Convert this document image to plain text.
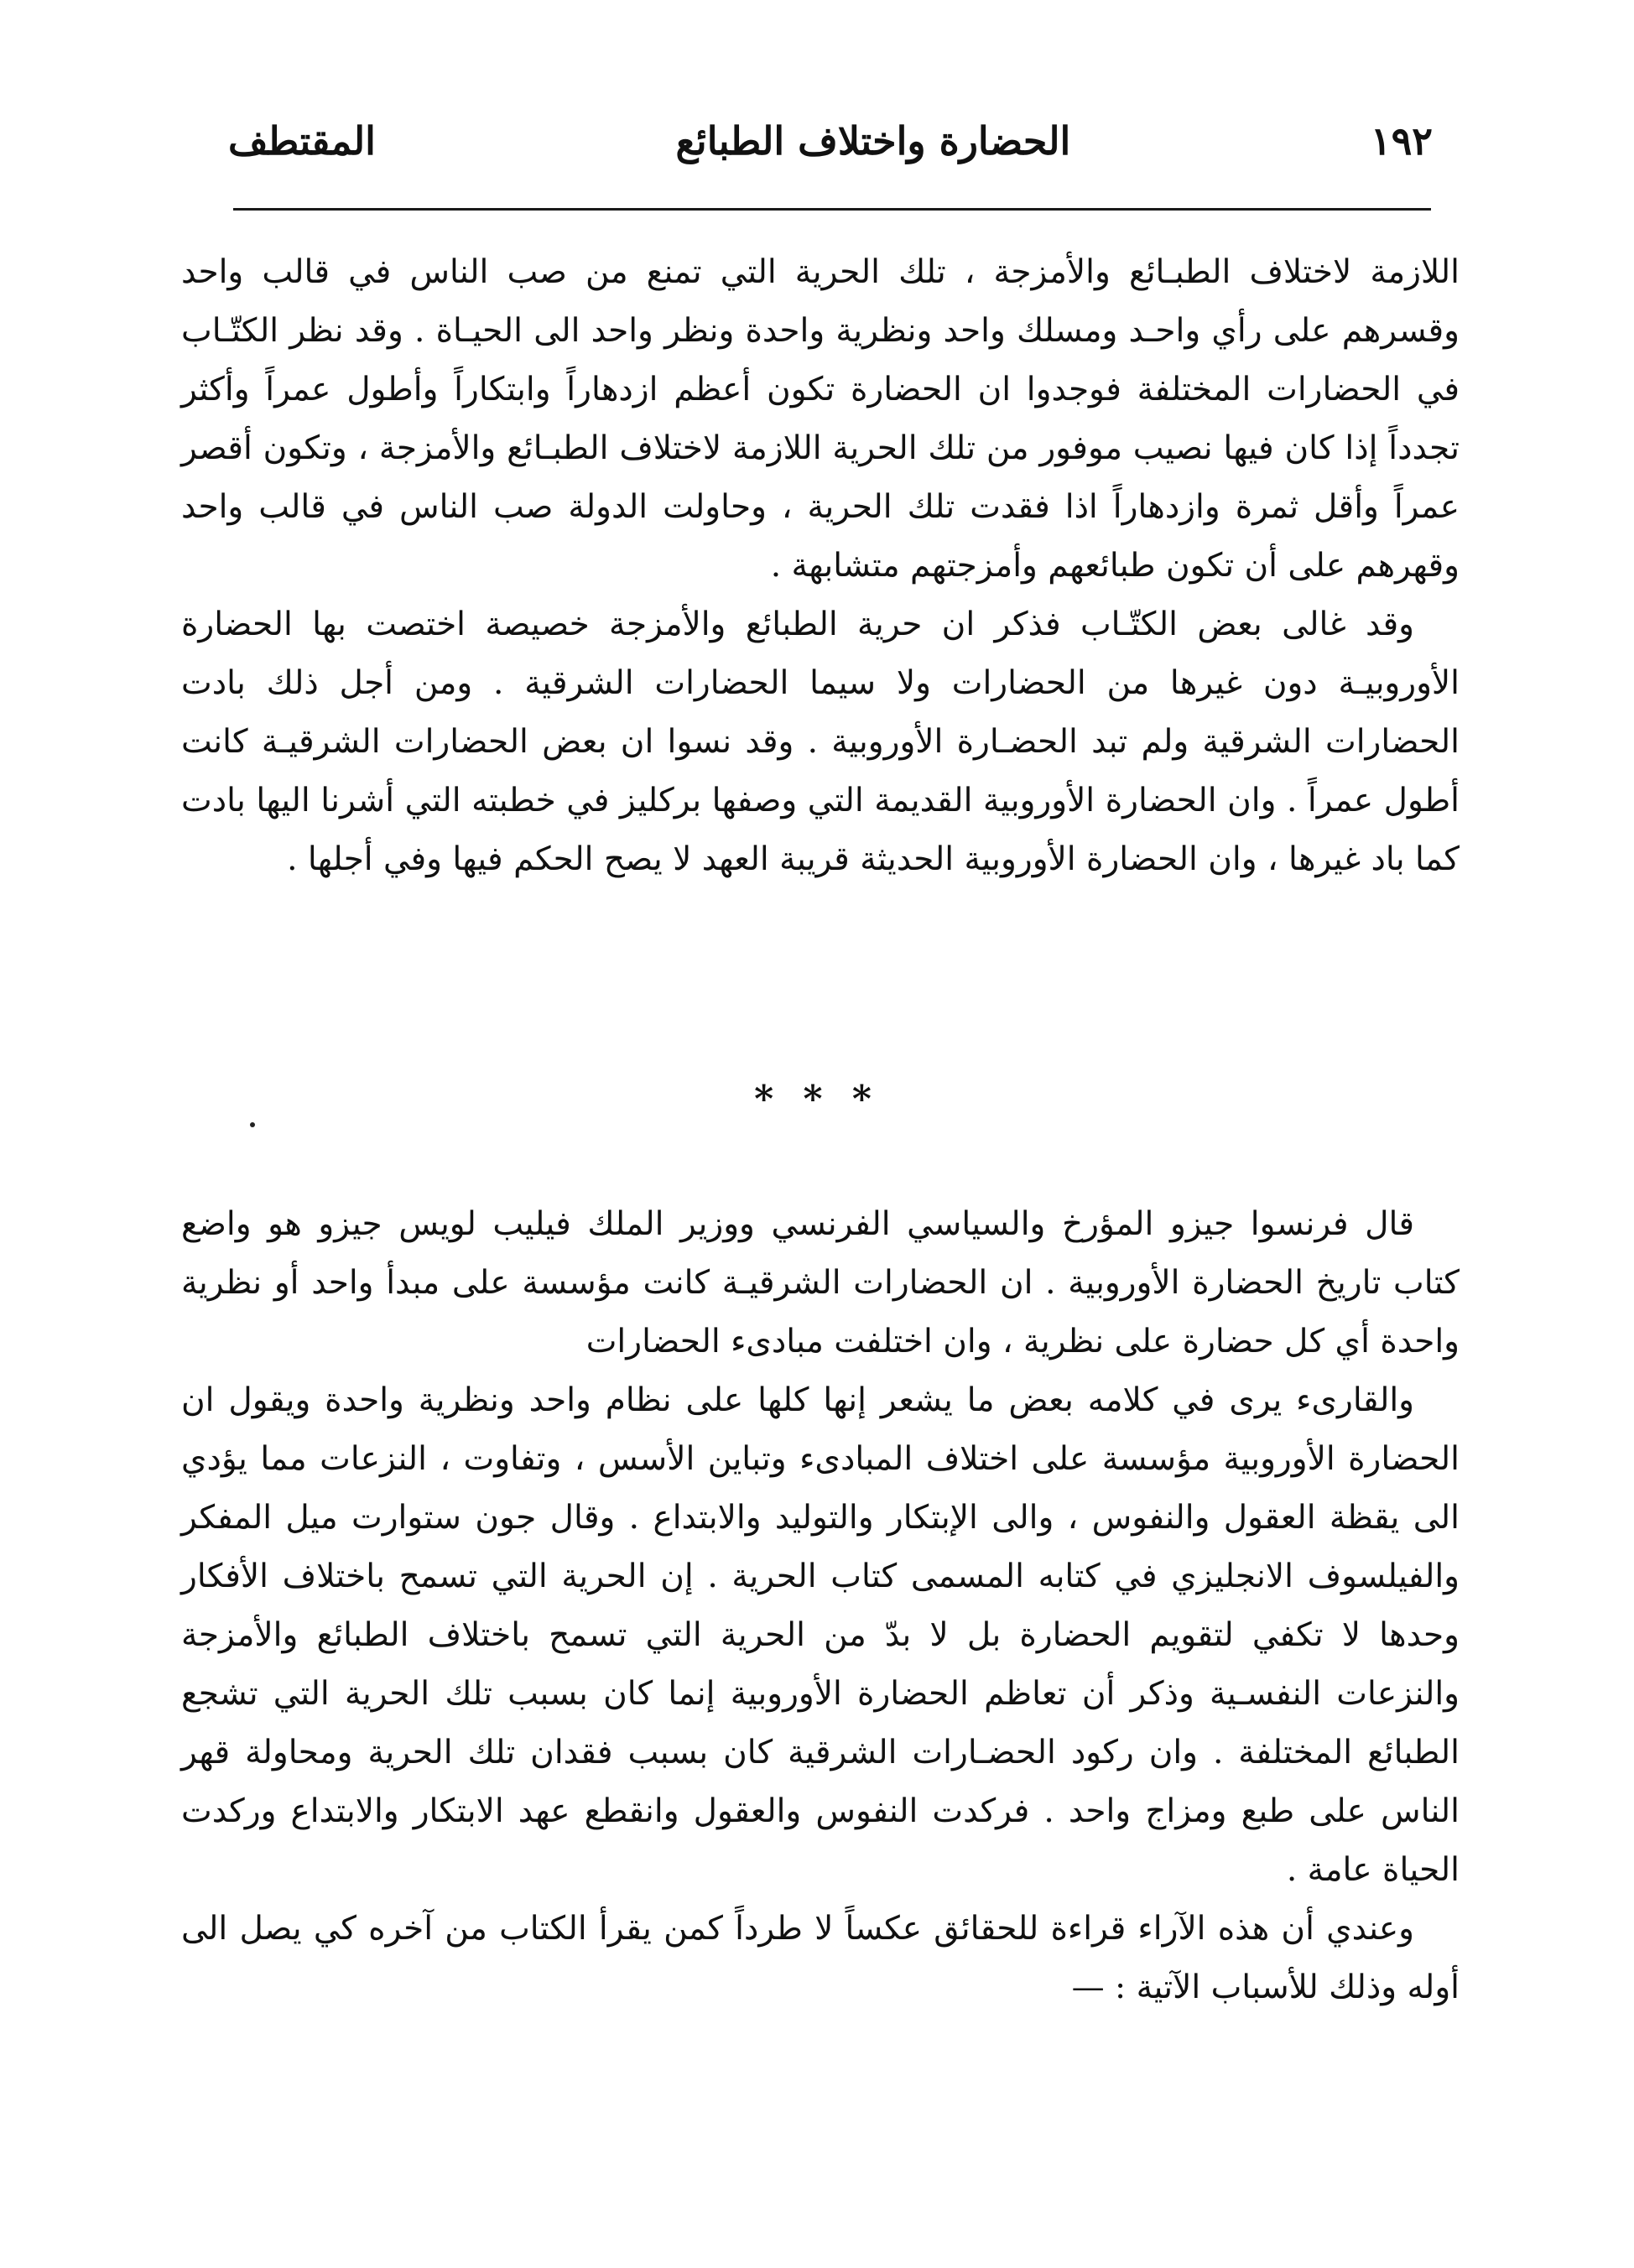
١٩٢
الحضارة واختلاف الطبائع
المقتطف

اللازمة لاختلاف الطبـائع والأمزجة ، تلك الحرية التي تمنع من صب الناس في قالب واحد وقسرهم على رأي واحـد ومسلك واحد ونظرية واحدة ونظر واحد الى الحيـاة . وقد نظر الكتّـاب في الحضارات المختلفة فوجدوا ان الحضارة تكون أعظم ازدهاراً وابتكاراً وأطول عمراً وأكثر تجدداً إذا كان فيها نصيب موفور من تلك الحرية اللازمة لاختلاف الطبـائع والأمزجة ، وتكون أقصر عمراً وأقل ثمرة وازدهاراً اذا فقدت تلك الحرية ، وحاولت الدولة صب الناس في قالب واحد وقهرهم على أن تكون طبائعهم وأمزجتهم متشابهة .

وقد غالى بعض الكتّـاب فذكر ان حرية الطبائع والأمزجة خصيصة اختصت بها الحضارة الأوروبيـة دون غيرها من الحضارات ولا سيما الحضارات الشرقية . ومن أجل ذلك بادت الحضارات الشرقية ولم تبد الحضـارة الأوروبية . وقد نسوا ان بعض الحضارات الشرقيـة كانت أطول عمراً . وان الحضارة الأوروبية القديمة التي وصفها بركليز في خطبته التي أشرنا اليها بادت كما باد غيرها ، وان الحضارة الأوروبية الحديثة قريبة العهد لا يصح الحكم فيها وفي أجلها .

* * *

قال فرنسوا جيزو المؤرخ والسياسي الفرنسي ووزير الملك فيليب لويس جيزو هو واضع كتاب تاريخ الحضارة الأوروبية . ان الحضارات الشرقيـة كانت مؤسسة على مبدأ واحد أو نظرية واحدة أي كل حضارة على نظرية ، وان اختلفت مبادىء الحضارات

والقارىء يرى في كلامه بعض ما يشعر إنها كلها على نظام واحد ونظرية واحدة ويقول ان الحضارة الأوروبية مؤسسة على اختلاف المبادىء وتباين الأسس ، وتفاوت ، النزعات مما يؤدي الى يقظة العقول والنفوس ، والى الإبتكار والتوليد والابتداع . وقال جون ستوارت ميل المفكر والفيلسوف الانجليزي في كتابه المسمى كتاب الحرية . إن الحرية التي تسمح باختلاف الأفكار وحدها لا تكفي لتقويم الحضارة بل لا بدّ من الحرية التي تسمح باختلاف الطبائع والأمزجة والنزعات النفسـية وذكر أن تعاظم الحضارة الأوروبية إنما كان بسبب تلك الحرية التي تشجع الطبائع المختلفة . وان ركود الحضـارات الشرقية كان بسبب فقدان تلك الحرية ومحاولة قهر الناس على طبع ومزاج واحد . فركدت النفوس والعقول وانقطع عهد الابتكار والابتداع وركدت الحياة عامة .

وعندي أن هذه الآراء قراءة للحقائق عكساً لا طرداً كمن يقرأ الكتاب من آخره كي يصل الى أوله وذلك للأسباب الآتية : —
